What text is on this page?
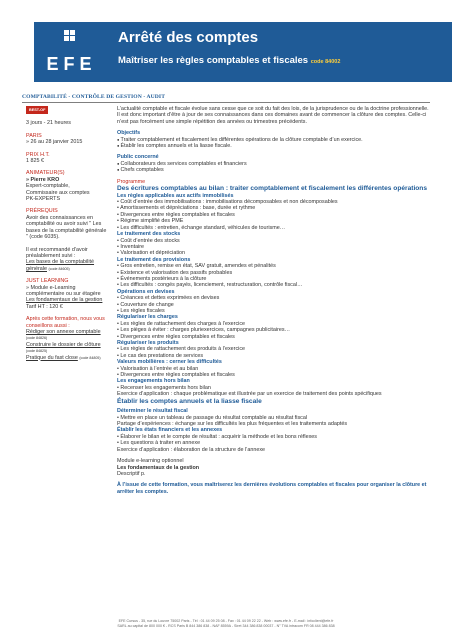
EFE
Arrêté des comptes
Maîtriser les règles comptables et fiscales code 84002
COMPTABILITÉ - CONTRÔLE DE GESTION - AUDIT

BEST-OF

3 jours - 21 heures

PARIS

» 26 au 28 janvier 2015

PRIX H.T.

1 825 €

ANIMATEUR(S)

» Pierre KRO

Expert-comptable,

Commissaire aux comptes

PK-EXPERTS

PRÉREQUIS

Avoir des connaissances en comptabilité ou avoir suivi " Les bases de la comptabilité générale " (code 6035).

Il est recommandé d’avoir préalablement suivi :

Les bases de la comptabilité générale (code 84605)

JUST LEARNING

» Module e-Learning complémentaire ou sur étagère

Les fondamentaux de la gestion Tarif HT : 120 €

Après cette formation, nous vous conseillons aussi :

Rédiger son annexe comptable (code 84826)

Construire le dossier de clôture (code 84825)

Pratique du fast close (code 84805)

L’actualité comptable et fiscale évolue sans cesse que ce soit du fait des lois, de la jurisprudence ou de la doctrine professionnelle. Il est donc important d’être à jour de ses connaissances dans ces domaines avant de commencer la clôture des comptes. Celle-ci n’est pas forcément une simple répétition des années ou trimestres précédents.

Objectifs

● Traiter comptablement et fiscalement les différentes opérations de la clôture comptable d’un exercice.

● Établir les comptes annuels et la liasse fiscale.

Public concerné

● Collaborateurs des services comptables et financiers

● Chefs comptables

Programme

Des écritures comptables au bilan : traiter comptablement et fiscalement les différentes opérations

Les règles applicables aux actifs immobilisés

• Coût d’entrée des immobilisations : immobilisations décomposables et non décomposables

• Amortissements et dépréciations : base, durée et rythme

• Divergences entre règles comptables et fiscales

• Régime simplifié des PME

• Les difficultés : entretien, échange standard, véhicules de tourisme…

Le traitement des stocks

• Coût d’entrée des stocks

• Inventaire

• Valorisation et dépréciation

Le traitement des provisions

• Gros entretien, remise en état, SAV gratuit, amendes et pénalités

• Existence et valorisation des passifs probables

• Événements postérieurs à la clôture

• Les difficultés : congés payés, licenciement, restructuration, contrôle fiscal…

Opérations en devises

• Créances et dettes exprimées en devises

• Couverture de change

• Les règles fiscales

Régulariser les charges

• Les règles de rattachement des charges à l’exercice

• Les pièges à éviter : charges pluriexercices, campagnes publicitaires…

• Divergences entre règles comptables et fiscales

Régulariser les produits

• Les règles de rattachement des produits à l’exercice

• Le cas des prestations de services

Valeurs mobilières : cerner les difficultés

• Valorisation à l’entrée et au bilan

• Divergences entre règles comptables et fiscales

Les engagements hors bilan

• Recenser les engagements hors bilan

Exercice d’application : chaque problématique est illustrée par un exercice de traitement des points spécifiques

Établir les comptes annuels et la liasse fiscale

Déterminer le résultat fiscal

• Mettre en place un tableau de passage du résultat comptable au résultat fiscal

Partage d’expériences : échange sur les difficultés les plus fréquentes et les traitements adaptés

Établir les états financiers et les annexes

• Élaborer le bilan et le compte de résultat : acquérir la méthode et les bons réflexes

• Les questions à traiter en annexe

Exercice d’application : élaboration de la structure de l’annexe

Module e-learning optionnel

Les fondamentaux de la gestion

Descriptif p.

À l’issue de cette formation, vous maîtriserez les dernières évolutions comptables et fiscales pour organiser la clôture et arrêter les comptes.

EFE Cursus - 35, rue du Louvre 75002 Paris - Tél : 01 44 09 25 08 - Fax : 01 44 09 22 22 - Web : www.efe.fr - E-mail : infoclient@efe.fr
SARL au capital de 800 000 € - RCS Paris B 844 386 838 - NAF 8559A - Siret 344 386 838 00037 - N° TVA intracom FR 08 444 386 838
